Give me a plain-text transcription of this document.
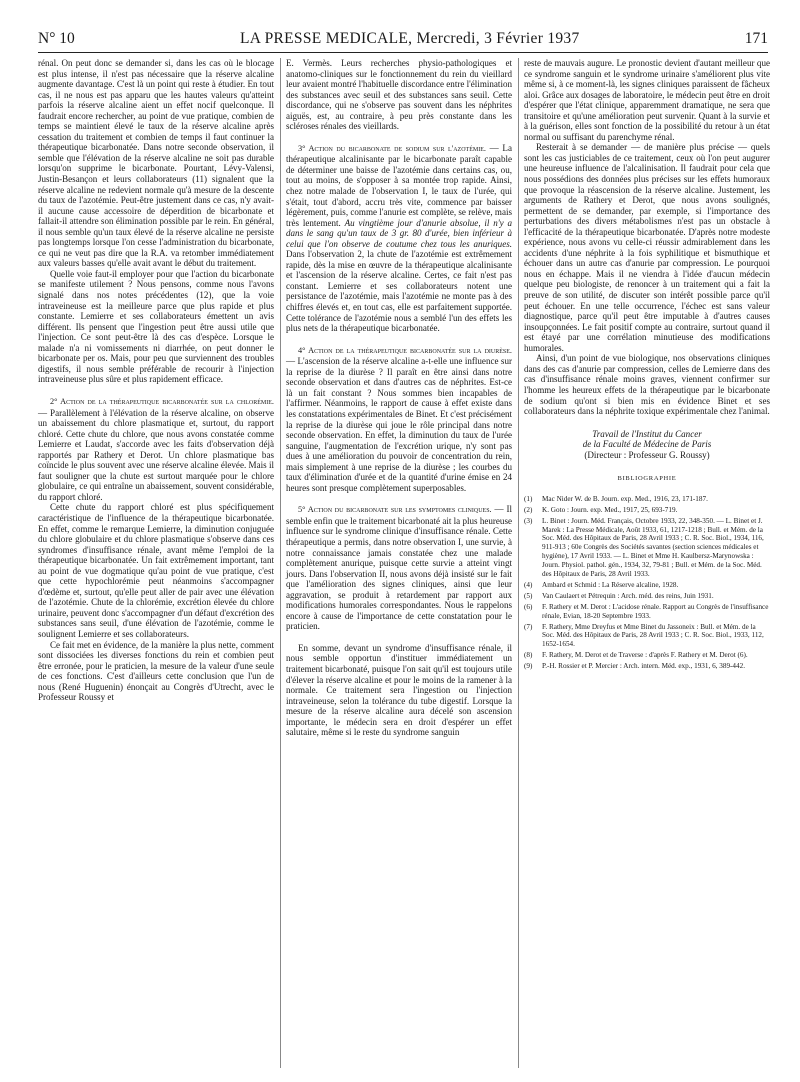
N° 10	LA PRESSE MEDICALE, Mercredi, 3 Février 1937	171

rénal. On peut donc se demander si, dans les cas où le blocage est plus intense, il n'est pas nécessaire que la réserve alcaline augmente davantage. C'est là un point qui reste à étudier. En tout cas, il ne nous est pas apparu que les hautes valeurs qu'atteint parfois la réserve alcaline aient un effet nocif quelconque. Il faudrait encore rechercher, au point de vue pratique, combien de temps se maintient élevé le taux de la réserve alcaline après cessation du traitement et combien de temps il faut continuer la thérapeutique bicarbonatée. Dans notre seconde observation, il semble que l'élévation de la réserve alcaline ne soit pas durable lorsqu'on supprime le bicarbonate. Pourtant, Lévy-Valensi, Justin-Besançon et leurs collaborateurs (11) signalent que la réserve alcaline ne redevient normale qu'à mesure de la descente du taux de l'azotémie. Peut-être justement dans ce cas, n'y avait-il aucune cause accessoire de déperdition de bicarbonate et fallait-il attendre son élimination possible par le rein. En général, il nous semble qu'un taux élevé de la réserve alcaline ne persiste pas longtemps lorsque l'on cesse l'administration du bicarbonate, ce qui ne veut pas dire que la R.A. va retomber immédiatement aux valeurs basses qu'elle avait avant le début du traitement.

Quelle voie faut-il employer pour que l'action du bicarbonate se manifeste utilement ? Nous pensons, comme nous l'avons signalé dans nos notes précédentes (12), que la voie intraveineuse est la meilleure parce que plus rapide et plus constante. Lemierre et ses collaborateurs émettent un avis différent. Ils pensent que l'ingestion peut être aussi utile que l'injection. Ce sont peut-être là des cas d'espèce. Lorsque le malade n'a ni vomissements ni diarrhée, on peut donner le bicarbonate per os. Mais, pour peu que surviennent des troubles digestifs, il nous semble préférable de recourir à l'injection intraveineuse plus sûre et plus rapidement efficace.

2° Action de la thérapeutique bicarbonatée sur la chlorémie. — Parallèlement à l'élévation de la réserve alcaline, on observe un abaissement du chlore plasmatique et, surtout, du rapport chloré. Cette chute du chlore, que nous avons constatée comme Lemierre et Laudat, s'accorde avec les faits d'observation déjà rapportés par Rathery et Derot. Un chlore plasmatique bas coïncide le plus souvent avec une réserve alcaline élevée. Mais il faut souligner que la chute est surtout marquée pour le chlore globulaire, ce qui entraîne un abaissement, souvent considérable, du rapport chloré.

Cette chute du rapport chloré est plus spécifiquement caractéristique de l'influence de la thérapeutique bicarbonatée. En effet, comme le remarque Lemierre, la diminution conjuguée du chlore globulaire et du chlore plasmatique s'observe dans ces syndromes d'insuffisance rénale, avant même l'emploi de la thérapeutique bicarbonatée. Un fait extrêmement important, tant au point de vue dogmatique qu'au point de vue pratique, c'est que cette hypochlorémie peut néanmoins s'accompagner d'œdème et, surtout, qu'elle peut aller de pair avec une élévation de l'azotémie. Chute de la chlorémie, excrétion élevée du chlore urinaire, peuvent donc s'accompagner d'un défaut d'excrétion des substances sans seuil, d'une élévation de l'azotémie, comme le soulignent Lemierre et ses collaborateurs.

Ce fait met en évidence, de la manière la plus nette, comment sont dissociées les diverses fonctions du rein et combien peut être erronée, pour le praticien, la mesure de la valeur d'une seule de ces fonctions. C'est d'ailleurs cette conclusion que l'un de nous (René Huguenin) énonçait au Congrès d'Utrecht, avec le Professeur Roussy et

E. Vermès. Leurs recherches physio-pathologiques et anatomo-cliniques sur le fonctionnement du rein du vieillard leur avaient montré l'habituelle discordance entre l'élimination des substances avec seuil et des substances sans seuil. Cette discordance, qui ne s'observe pas souvent dans les néphrites aiguës, est, au contraire, à peu près constante dans les scléroses rénales des vieillards.

3° Action du bicarbonate de sodium sur l'azotémie. — La thérapeutique alcalinisante par le bicarbonate paraît capable de déterminer une baisse de l'azotémie dans certains cas, ou, tout au moins, de s'opposer à sa montée trop rapide. Ainsi, chez notre malade de l'observation I, le taux de l'urée, qui s'était, tout d'abord, accru très vite, commence par baisser légèrement, puis, comme l'anurie est complète, se relève, mais très lentement. Au vingtième jour d'anurie absolue, il n'y a dans le sang qu'un taux de 3 gr. 80 d'urée, bien inférieur à celui que l'on observe de coutume chez tous les anuriques. Dans l'observation 2, la chute de l'azotémie est extrêmement rapide, dès la mise en œuvre de la thérapeutique alcalinisante et l'ascension de la réserve alcaline. Certes, ce fait n'est pas constant. Lemierre et ses collaborateurs notent une persistance de l'azotémie, mais l'azotémie ne monte pas à des chiffres élevés et, en tout cas, elle est parfaitement supportée. Cette tolérance de l'azotémie nous a semblé l'un des effets les plus nets de la thérapeutique bicarbonatée.

4° Action de la thérapeutique bicarbonatée sur la diurèse. — L'ascension de la réserve alcaline a-t-elle une influence sur la reprise de la diurèse ? Il paraît en être ainsi dans notre seconde observation et dans d'autres cas de néphrites. Est-ce là un fait constant ? Nous sommes bien incapables de l'affirmer. Néanmoins, le rapport de cause à effet existe dans les constatations expérimentales de Binet. Et c'est précisément la reprise de la diurèse qui joue le rôle principal dans notre seconde observation. En effet, la diminution du taux de l'urée sanguine, l'augmentation de l'excrétion urique, n'y sont pas dues à une amélioration du pouvoir de concentration du rein, mais simplement à une reprise de la diurèse ; les courbes du taux d'élimination d'urée et de la quantité d'urine émise en 24 heures sont presque complètement superposables.

5° Action du bicarbonate sur les symptomes cliniques. — Il semble enfin que le traitement bicarbonaté ait la plus heureuse influence sur le syndrome clinique d'insuffisance rénale. Cette thérapeutique a permis, dans notre observation I, une survie, à notre connaissance jamais constatée chez une malade complètement anurique, puisque cette survie a atteint vingt jours. Dans l'observation II, nous avons déjà insisté sur le fait que l'amélioration des signes cliniques, ainsi que leur aggravation, se produit à retardement par rapport aux modifications humorales correspondantes. Nous le rappelons encore à cause de l'importance de cette constatation pour le praticien.

En somme, devant un syndrome d'insuffisance rénale, il nous semble opportun d'instituer immédiatement un traitement bicarbonaté, puisque l'on sait qu'il est toujours utile d'élever la réserve alcaline et pour le moins de la ramener à la normale. Ce traitement sera l'ingestion ou l'injection intraveineuse, selon la tolérance du tube digestif. Lorsque la mesure de la réserve alcaline aura décelé son ascension importante, le médecin sera en droit d'espérer un effet salutaire, même si le reste du syndrome sanguin

reste de mauvais augure. Le pronostic devient d'autant meilleur que ce syndrome sanguin et le syndrome urinaire s'améliorent plus vite même si, à ce moment-là, les signes cliniques paraissent de fâcheux aloi. Grâce aux dosages de laboratoire, le médecin peut être en droit d'espérer que l'état clinique, apparemment dramatique, ne sera que transitoire et qu'une amélioration peut survenir. Quant à la survie et à la guérison, elles sont fonction de la possibilité du retour à un état normal ou suffisant du parenchyme rénal.

Resterait à se demander — de manière plus précise — quels sont les cas justiciables de ce traitement, ceux où l'on peut augurer une heureuse influence de l'alcalinisation. Il faudrait pour cela que nous possédions des données plus précises sur les effets humoraux que provoque la réascension de la réserve alcaline. Justement, les arguments de Rathery et Derot, que nous avons soulignés, permettent de se demander, par exemple, si l'importance des perturbations des divers métabolismes n'est pas un obstacle à l'efficacité de la thérapeutique bicarbonatée. D'après notre modeste expérience, nous avons vu celle-ci réussir admirablement dans les accidents d'une néphrite à la fois syphilitique et bismuthique et échouer dans un autre cas d'anurie par compression. Le pourquoi nous en échappe. Mais il ne viendra à l'idée d'aucun médecin quelque peu biologiste, de renoncer à un traitement qui a fait la preuve de son utilité, de discuter son intérêt possible parce qu'il peut échouer. En une telle occurrence, l'échec est sans valeur diagnostique, parce qu'il peut être imputable à d'autres causes insoupçonnées. Le fait positif compte au contraire, surtout quand il est étayé par une corrélation minutieuse des modifications humorales.

Ainsi, d'un point de vue biologique, nos observations cliniques dans des cas d'anurie par compression, celles de Lemierre dans des cas d'insuffisance rénale moins graves, viennent confirmer sur l'homme les heureux effets de la thérapeutique par le bicarbonate de sodium qu'ont si bien mis en évidence Binet et ses collaborateurs dans la néphrite toxique expérimentale chez l'animal.

Travail de l'Institut du Cancer
de la Faculté de Médecine de Paris
(Directeur : Professeur G. Roussy)
BIBLIOGRAPHIE
(1)	Mac Nider W. de B. Journ. exp. Med., 1916, 23, 171-187.
(2)	K. Goto : Journ. exp. Med., 1917, 25, 693-719.
(3)	L. Binet : Journ. Méd. Français, Octobre 1933, 22, 348-350. — L. Binet et J. Marek : La Presse Médicale, Août 1933, 61, 1217-1218 ; Bull. et Mém. de la Soc. Méd. des Hôpitaux de Paris, 28 Avril 1933 ; C. R. Soc. Biol., 1934, 116, 911-913 ; 60e Congrès des Sociétés savantes (section sciences médicales et hygiène), 17 Avril 1933. — L. Binet et Mme H. Kaulbersz-Marynowska : Journ. Physiol. pathol. gén., 1934, 32, 79-81 ; Bull. et Mém. de la Soc. Méd. des Hôpitaux de Paris, 28 Avril 1933.
(4)	Ambard et Schmid : La Réserve alcaline, 1928.
(5)	Van Caulaert et Pétrequin : Arch. méd. des reins, Juin 1931.
(6)	F. Rathery et M. Derot : L'acidose rénale. Rapport au Congrès de l'insuffisance rénale, Evian, 18-20 Septembre 1933.
(7)	F. Rathery, Mme Dreyfus et Mme Binet du Jassoneix : Bull. et Mém. de la Soc. Méd. des Hôpitaux de Paris, 28 Avril 1933 ; C. R. Soc. Biol., 1933, 112, 1652-1654.
(8)	F. Rathery, M. Derot et de Traverse : d'après F. Rathery et M. Derot (6).
(9)	P.-H. Rossier et P. Mercier : Arch. intern. Méd. exp., 1931, 6, 389-442.
